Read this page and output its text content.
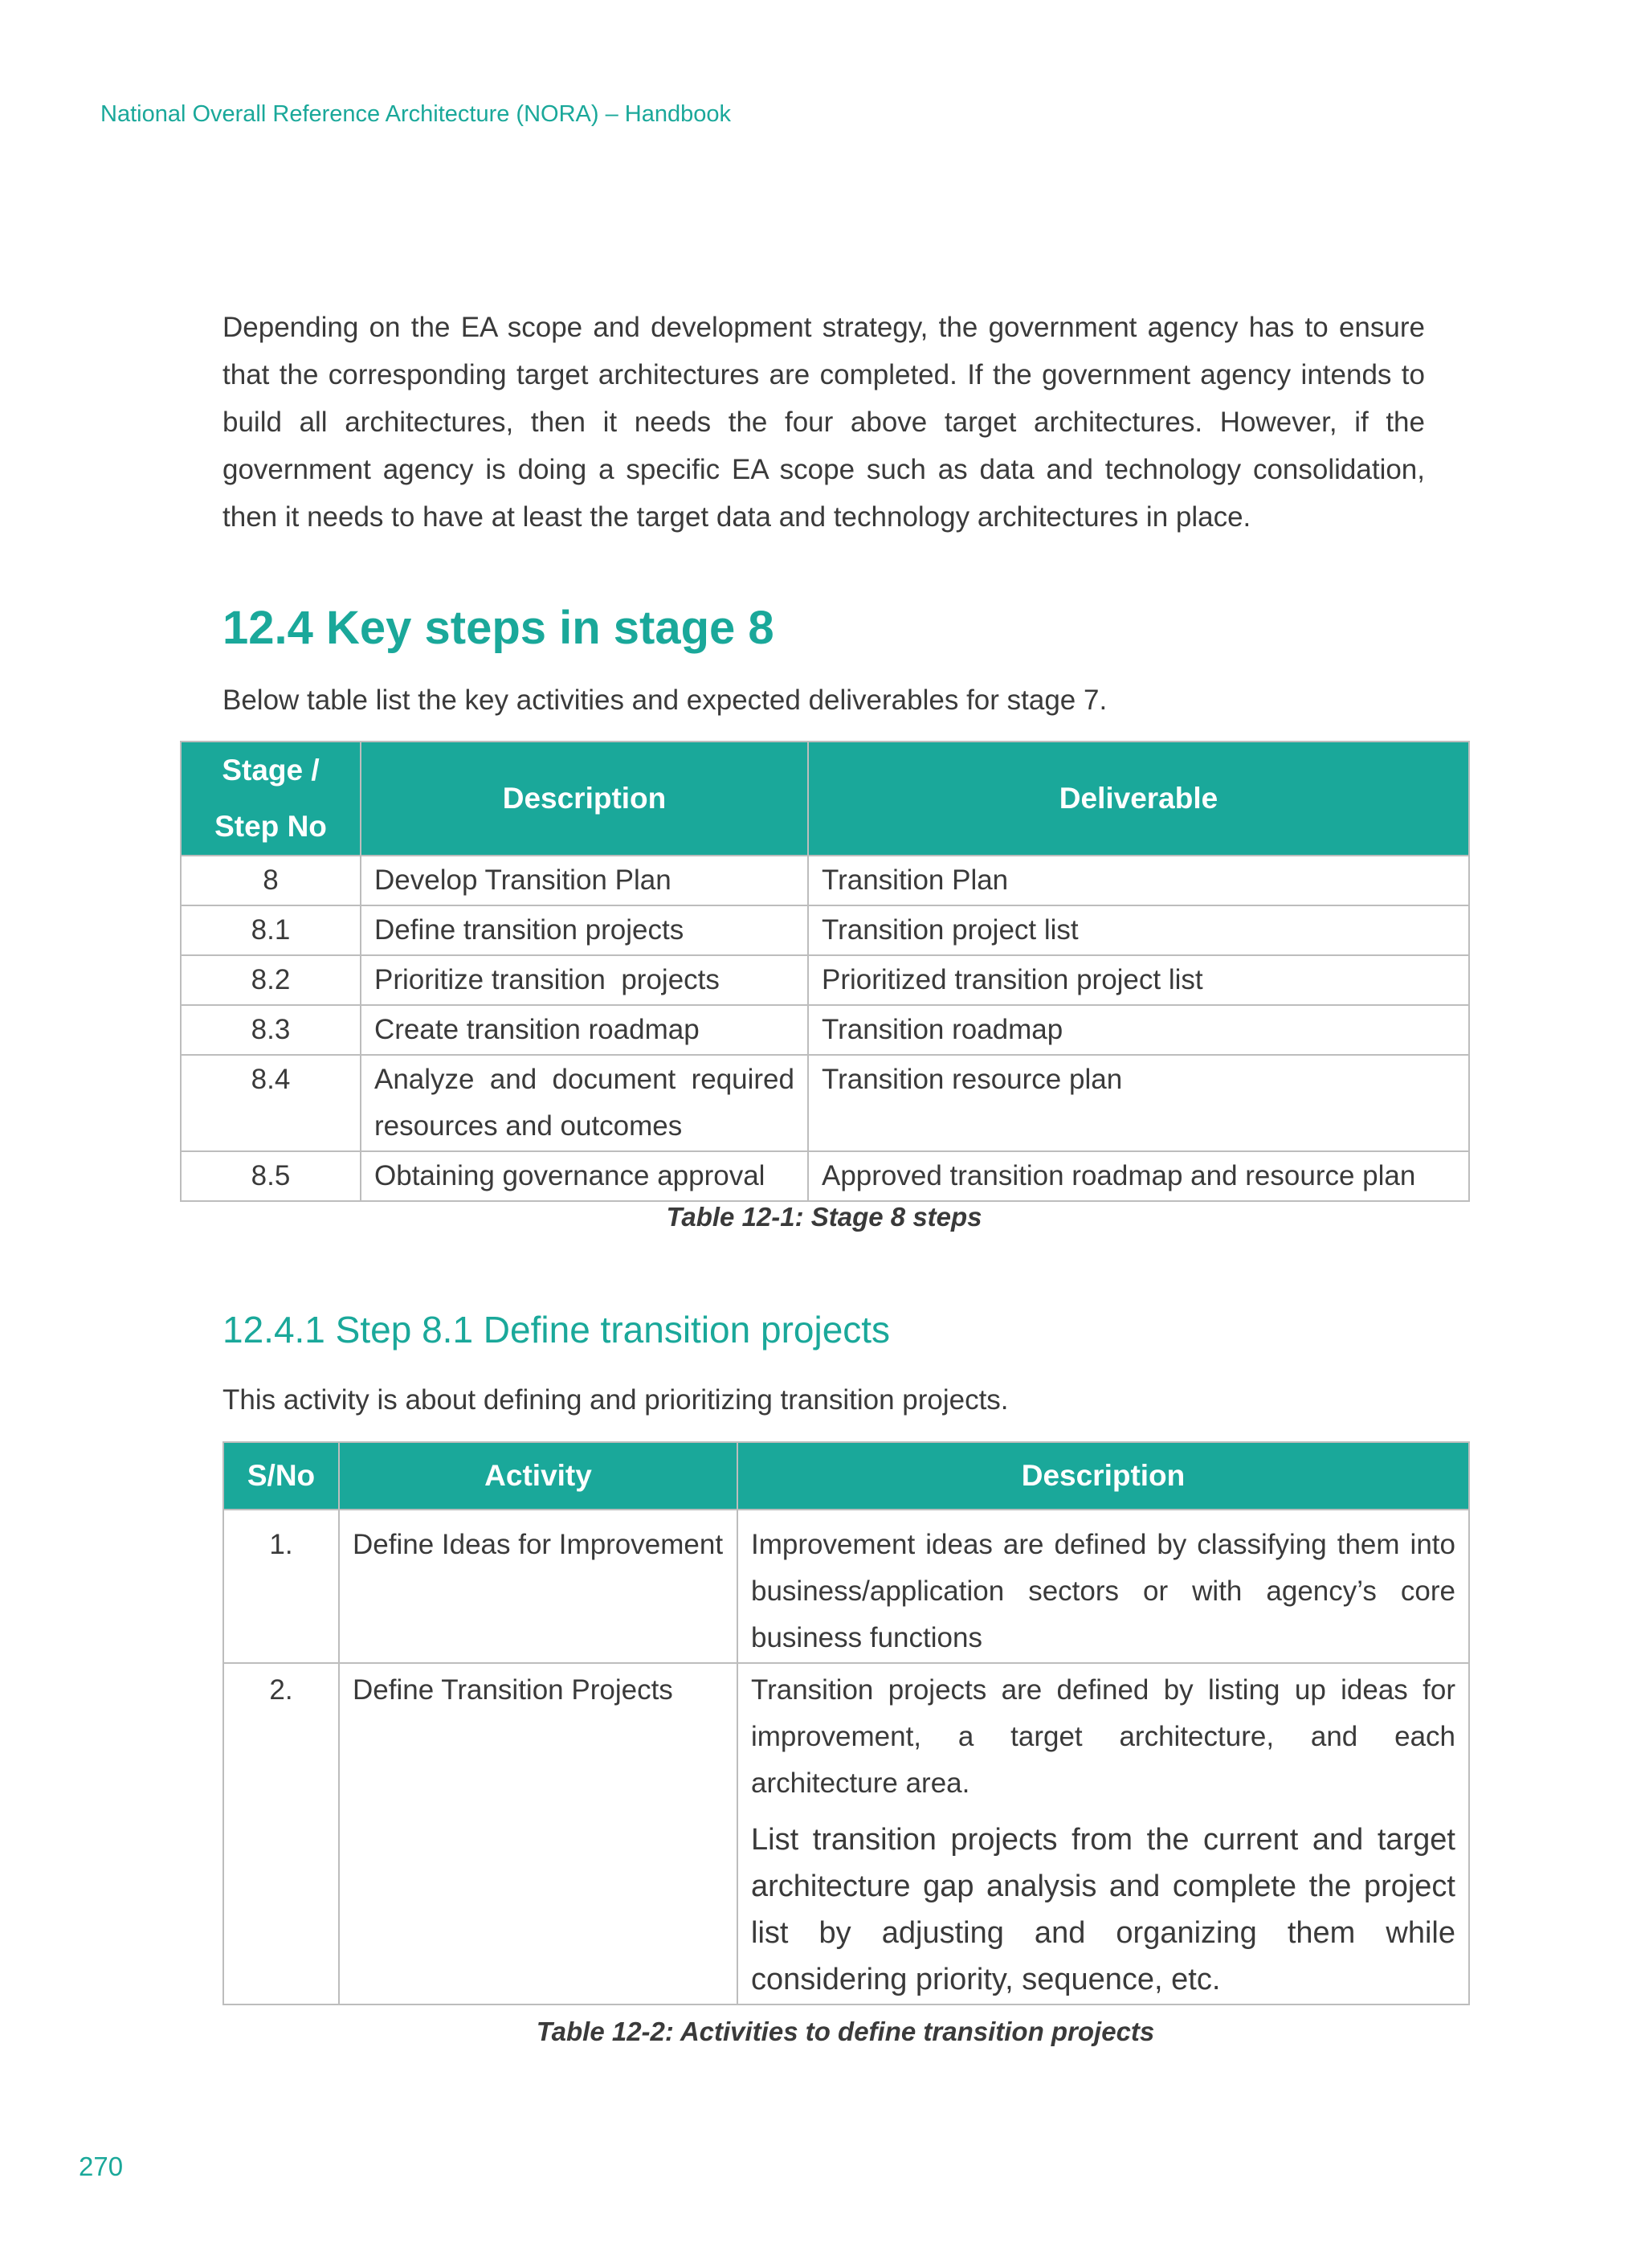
National Overall Reference Architecture (NORA) – Handbook

Depending on the EA scope and development strategy, the government agency has to ensure that the corresponding target architectures are completed. If the government agency intends to build all architectures, then it needs the four above target architectures. However, if the government agency is doing a specific EA scope such as data and technology consolidation, then it needs to have at least the target data and technology architectures in place.

12.4 Key steps in stage 8

Below table list the key activities and expected deliverables for stage 7.

Stage / Step No	Description	Deliverable
8	Develop Transition Plan	Transition Plan
8.1	Define transition projects	Transition project list
8.2	Prioritize transition  projects	Prioritized transition project list
8.3	Create transition roadmap	Transition roadmap
8.4	Analyze and document required resources and outcomes	Transition resource plan
8.5	Obtaining governance approval	Approved transition roadmap and resource plan

Table 12-1: Stage 8 steps

12.4.1 Step 8.1 Define transition projects

This activity is about defining and prioritizing transition projects.

S/No	Activity	Description
1.	Define Ideas for Improvement	Improvement ideas are defined by classifying them into business/application sectors or with agency’s core business functions

2.	Define Transition Projects	Transition projects are defined by listing up ideas for improvement, a target architecture, and each architecture area.
List transition projects from the current and target architecture gap analysis and complete the project list by adjusting and organizing them while considering priority, sequence, etc.

Table 12-2: Activities to define transition projects

270
